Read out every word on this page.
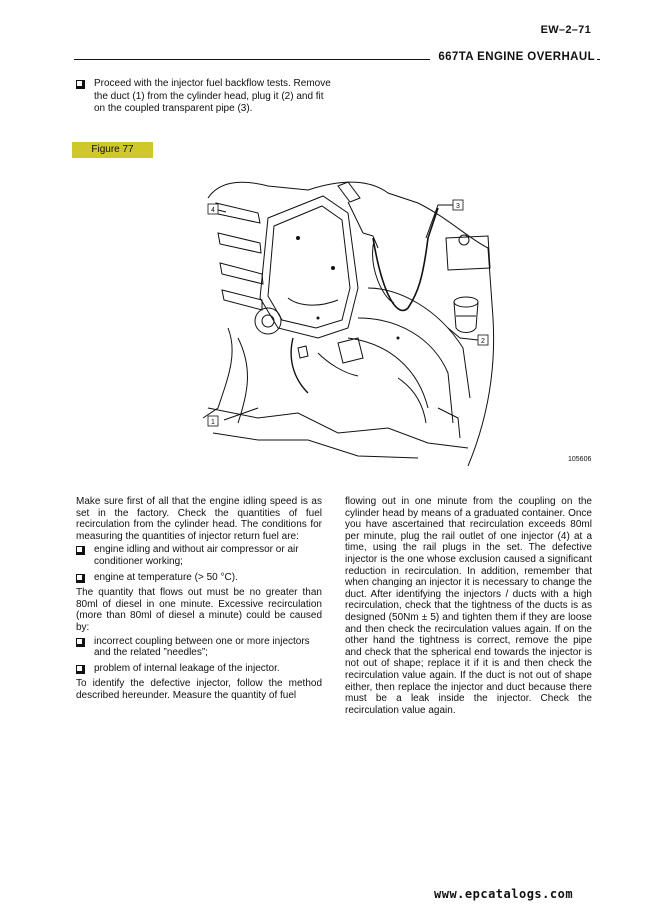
EW–2–71
667TA ENGINE OVERHAUL
Proceed with the injector fuel backflow tests. Remove the duct (1) from the cylinder head, plug it (2) and fit on the coupled transparent pipe (3).
Figure 77
4
3
2
1
105606

Make sure first of all that the engine idling speed is as set in the factory. Check the quantities of fuel recirculation from the cylinder head. The conditions for measuring the quantities of injector return fuel are:

engine idling and without air compressor or air conditioner working;
engine at temperature (> 50 °C).

The quantity that flows out must be no greater than 80ml of diesel in one minute. Excessive recirculation (more than 80ml of diesel a minute) could be caused by:

incorrect coupling between one or more injectors and the related ”needles”;
problem of internal leakage of the injector.

To identify the defective injector, follow the method described hereunder. Measure the quantity of fuel

flowing out in one minute from the coupling on the cylinder head by means of a graduated container. Once you have ascertained that recirculation exceeds 80ml per minute, plug the rail outlet of one injector (4) at a time, using the rail plugs in the set. The defective injector is the one whose exclusion caused a significant reduction in recirculation. In addition, remember that when changing an injector it is necessary to change the duct. After identifying the injectors / ducts with a high recirculation, check that the tightness of the ducts is as designed (50Nm ± 5) and tighten them if they are loose and then check the recirculation values again. If on the other hand the tightness is correct, remove the pipe and check that the spherical end towards the injector is not out of shape; replace it if it is and then check the recirculation value again. If the duct is not out of shape either, then replace the injector and duct because there must be a leak inside the injector. Check the recirculation value again.

www.epcatalogs.com
